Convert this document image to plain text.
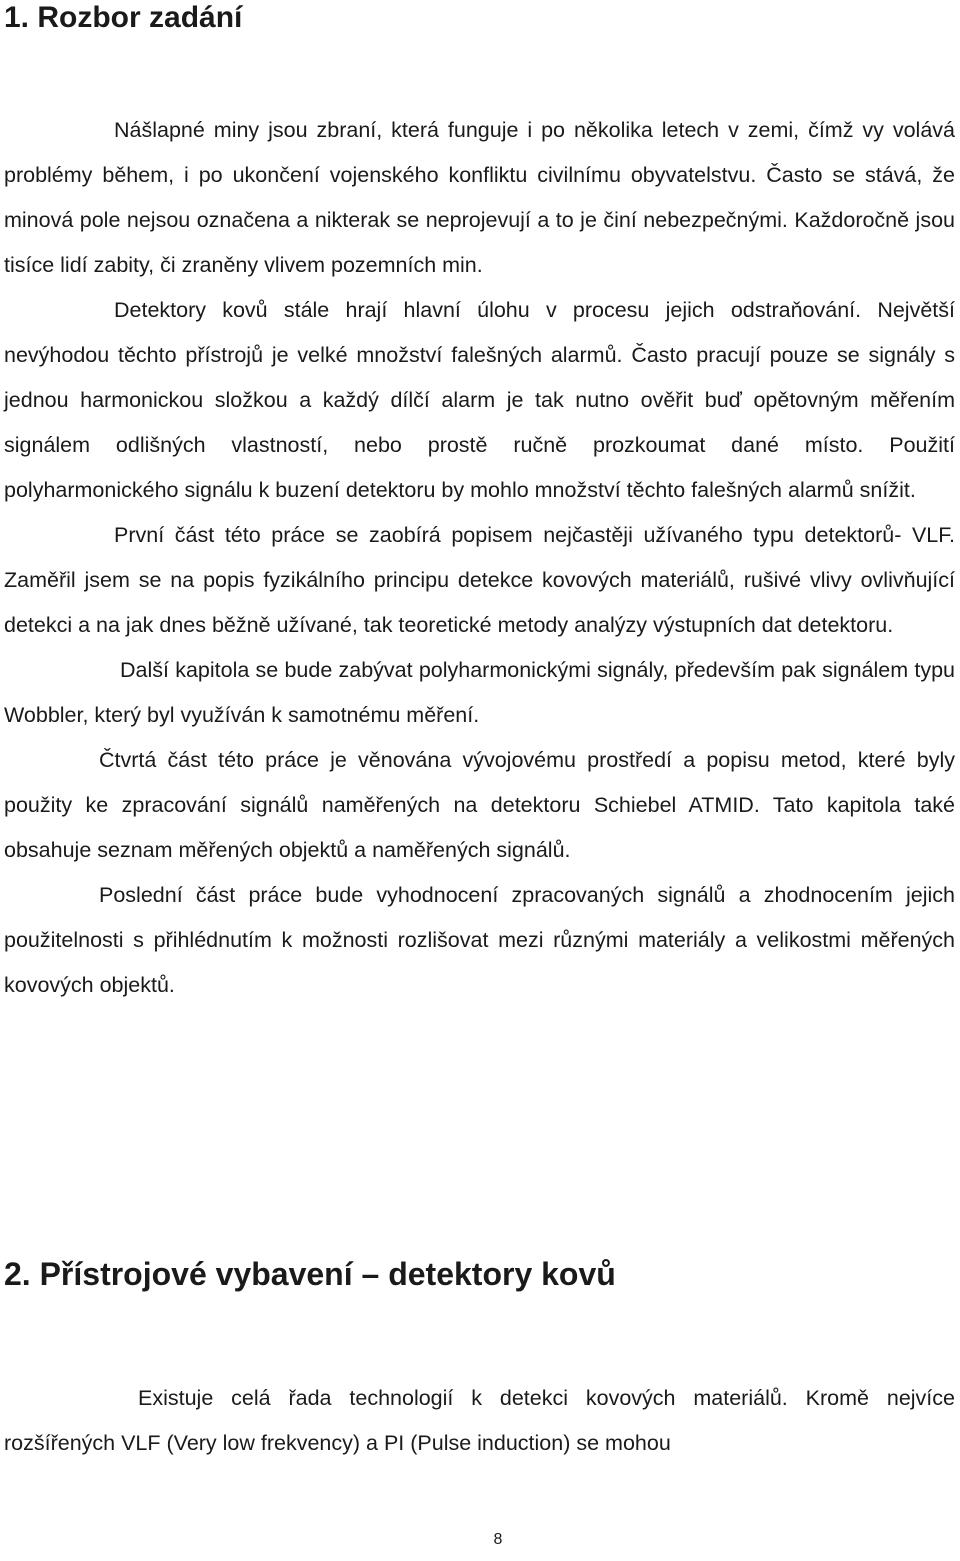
1. Rozbor zadání

Nášlapné miny jsou zbraní, která funguje i po několika letech v zemi, čímž vy volává problémy během, i po ukončení vojenského konfliktu civilnímu obyvatelstvu. Často se stává, že minová pole nejsou označena a nikterak se neprojevují a to je činí nebezpečnými. Každoročně jsou tisíce lidí zabity, či zraněny vlivem pozemních min.

Detektory kovů stále hrají hlavní úlohu v procesu jejich odstraňování. Největší nevýhodou těchto přístrojů je velké množství falešných alarmů. Často pracují pouze se signály s jednou harmonickou složkou a každý dílčí alarm je tak nutno ověřit buď opětovným měřením signálem odlišných vlastností, nebo prostě ručně prozkoumat dané místo. Použití polyharmonického signálu k buzení detektoru by mohlo množství těchto falešných alarmů snížit.

První část této práce se zaobírá popisem nejčastěji užívaného typu detektorů- VLF. Zaměřil jsem se na popis fyzikálního principu detekce kovových materiálů, rušivé vlivy ovlivňující detekci a na jak dnes běžně užívané, tak teoretické metody analýzy výstupních dat detektoru.

Další kapitola se bude zabývat polyharmonickými signály, především pak signálem typu Wobbler, který byl využíván k samotnému měření.

Čtvrtá část této práce je věnována vývojovému prostředí a popisu metod, které byly použity ke zpracování signálů naměřených na detektoru Schiebel ATMID. Tato kapitola také obsahuje seznam měřených objektů a naměřených signálů.

Poslední část práce bude vyhodnocení zpracovaných signálů a zhodnocením jejich použitelnosti s přihlédnutím k možnosti rozlišovat mezi různými materiály a velikostmi měřených kovových objektů.

2. Přístrojové vybavení – detektory kovů

Existuje celá řada technologií k detekci kovových materiálů. Kromě nejvíce rozšířených VLF (Very low frekvency) a PI (Pulse induction) se mohou

8
